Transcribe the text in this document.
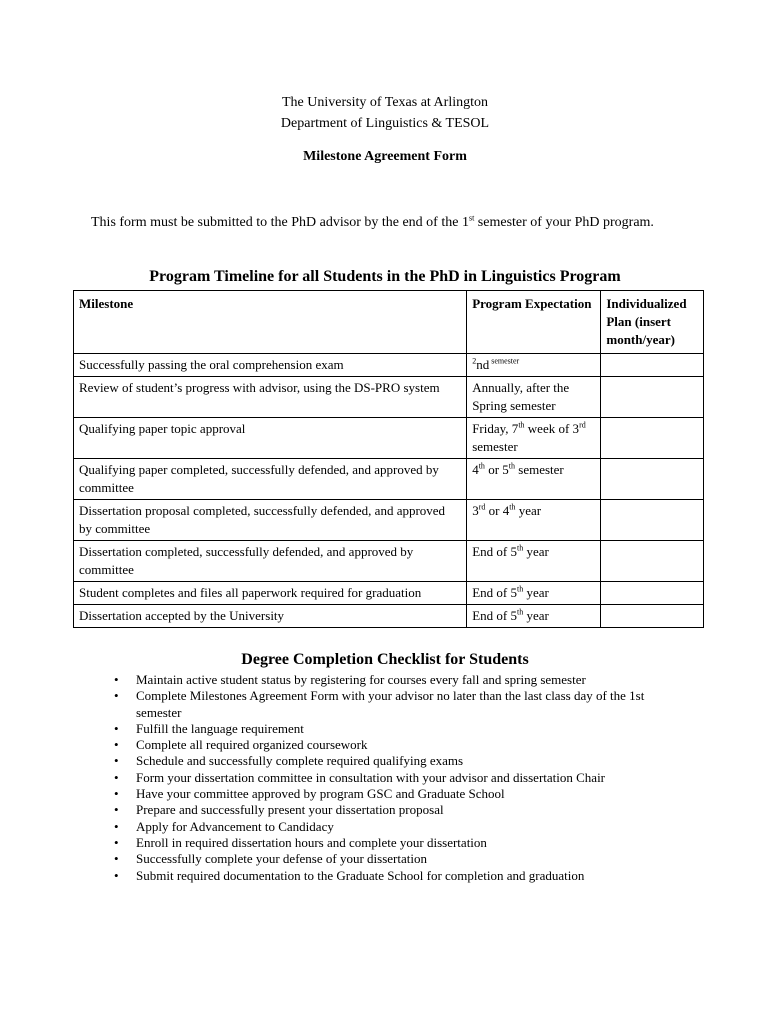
The University of Texas at Arlington
Department of Linguistics & TESOL
Milestone Agreement Form
This form must be submitted to the PhD advisor by the end of the 1st semester of your PhD program.
Program Timeline for all Students in the PhD in Linguistics Program
Milestone	Program Expectation	Individualized Plan (insert month/year)
Successfully passing the oral comprehension exam	$^2$nd $^{semester}$	
Review of student’s progress with advisor, using the DS-PRO system	Annually, after the Spring semester	
Qualifying paper topic approval	Friday, 7th week of 3rd semester	
Qualifying paper completed, successfully defended, and approved by committee	4th or 5th semester	
Dissertation proposal completed, successfully defended, and approved by committee	3rd or 4th year	
Dissertation completed, successfully defended, and approved by committee	End of 5th year	
Student completes and files all paperwork required for graduation	End of 5th year	
Dissertation accepted by the University	End of 5th year	
Degree Completion Checklist for Students
• Maintain active student status by registering for courses every fall and spring semester
• Complete Milestones Agreement Form with your advisor no later than the last class day of the 1st semester
• Fulfill the language requirement
• Complete all required organized coursework
• Schedule and successfully complete required qualifying exams
• Form your dissertation committee in consultation with your advisor and dissertation Chair
• Have your committee approved by program GSC and Graduate School
• Prepare and successfully present your dissertation proposal
• Apply for Advancement to Candidacy
• Enroll in required dissertation hours and complete your dissertation
• Successfully complete your defense of your dissertation
• Submit required documentation to the Graduate School for completion and graduation
